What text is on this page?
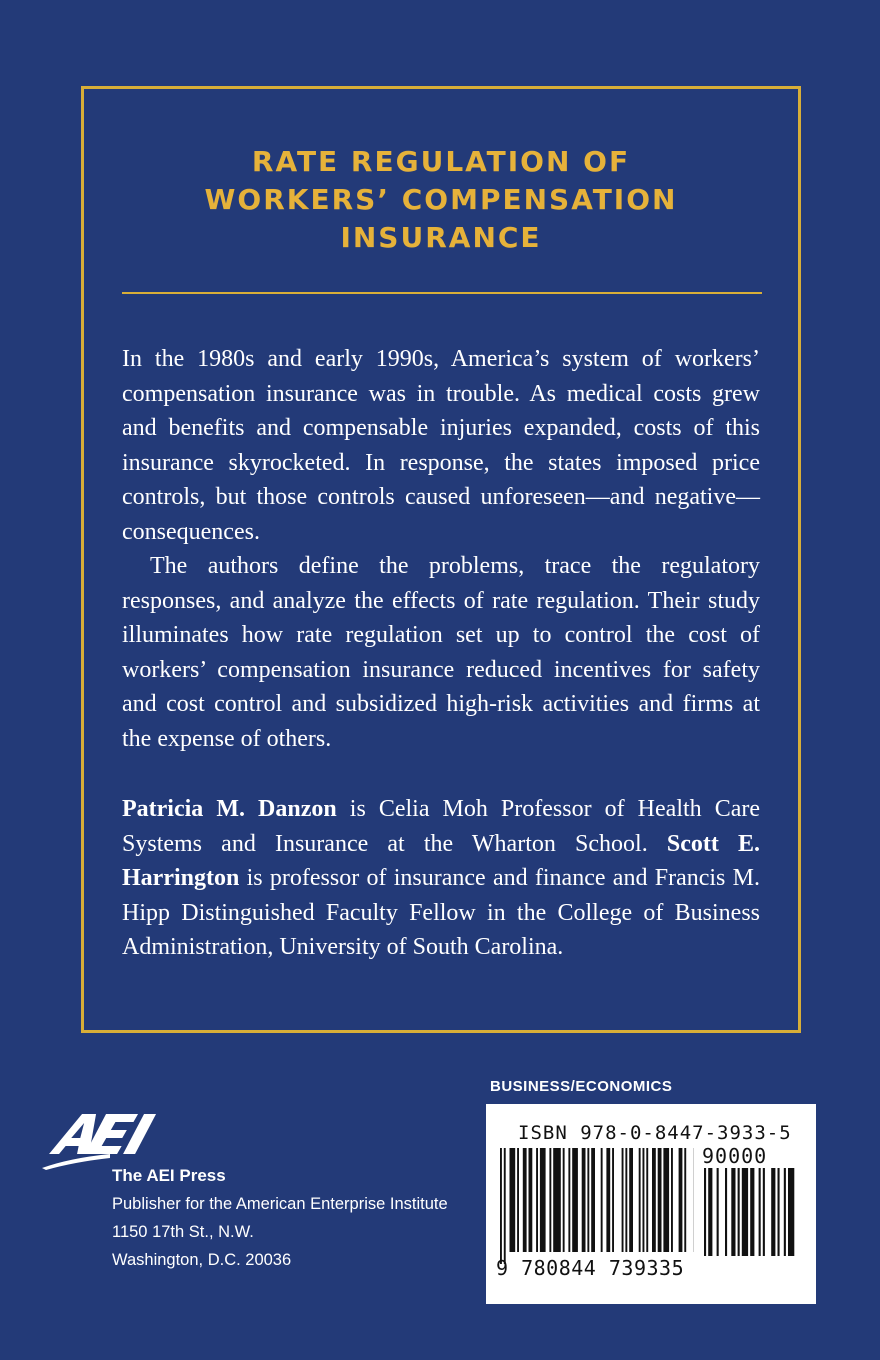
RATE REGULATION OF
WORKERS’ COMPENSATION
INSURANCE

In the 1980s and early 1990s, America’s system of workers’ compensation insurance was in trouble. As medical costs grew and benefits and compensable injuries expanded, costs of this insurance skyrocketed. In response, the states imposed price controls, but those controls caused unforeseen—and negative—consequences.

The authors define the problems, trace the regulatory responses, and analyze the effects of rate regulation. Their study illuminates how rate regulation set up to control the cost of workers’ compensation insurance reduced incentives for safety and cost control and subsidized high-risk activities and firms at the expense of others.

Patricia M. Danzon is Celia Moh Professor of Health Care Systems and Insurance at the Wharton School. Scott E. Harrington is professor of insurance and finance and Francis M. Hipp Distinguished Faculty Fellow in the College of Business Administration, University of South Carolina.

BUSINESS/ECONOMICS
ISBN 978-0-8447-3933-5
90000
9 780844 739335
The AEI Press
Publisher for the American Enterprise Institute
1150 17th St., N.W.
Washington, D.C. 20036
